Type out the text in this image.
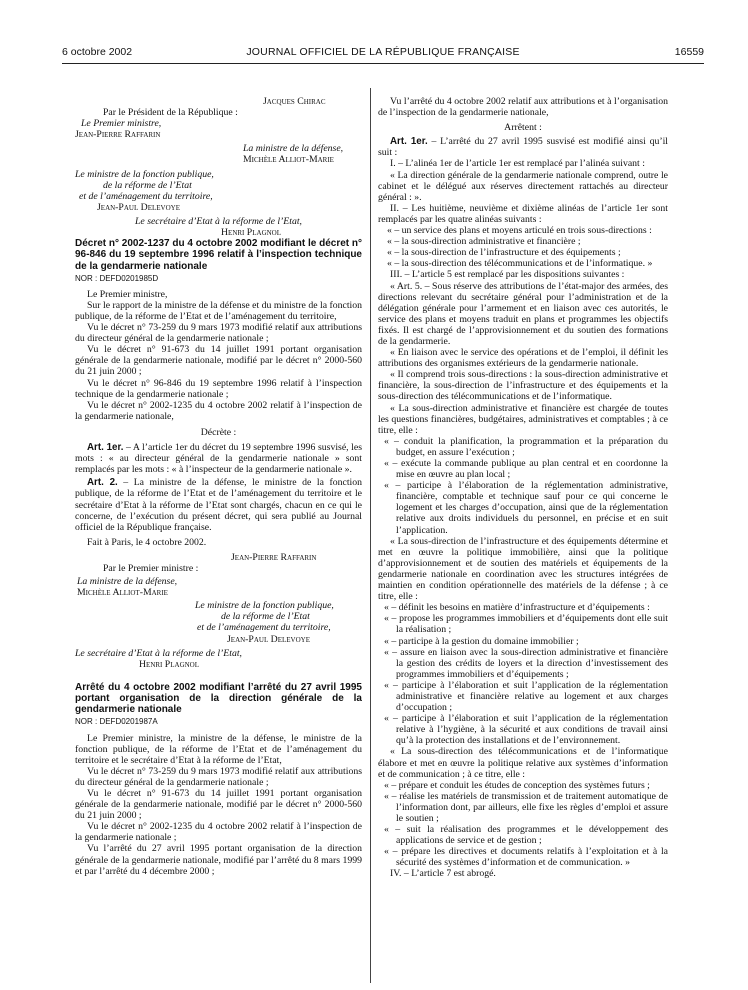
6 octobre 2002	JOURNAL OFFICIEL DE LA RÉPUBLIQUE FRANÇAISE	16559

Jacques Chirac

Par le Président de la République :

Le Premier ministre,

Jean-Pierre Raffarin

La ministre de la défense,

Michèle Alliot-Marie

Le ministre de la fonction publique,

de la réforme de l’Etat

et de l’aménagement du territoire,

Jean-Paul Delevoye

Le secrétaire d’Etat à la réforme de l’Etat,

Henri Plagnol

Décret n° 2002-1237 du 4 octobre 2002 modifiant le décret n° 96-846 du 19 septembre 1996 relatif à l’inspection technique de la gendarmerie nationale

NOR : DEFD0201985D

Le Premier ministre,

Sur le rapport de la ministre de la défense et du ministre de la fonction publique, de la réforme de l’Etat et de l’aménagement du territoire,

Vu le décret n° 73-259 du 9 mars 1973 modifié relatif aux attributions du directeur général de la gendarmerie nationale ;

Vu le décret n° 91-673 du 14 juillet 1991 portant organisation générale de la gendarmerie nationale, modifié par le décret n° 2000-560 du 21 juin 2000 ;

Vu le décret n° 96-846 du 19 septembre 1996 relatif à l’inspection technique de la gendarmerie nationale ;

Vu le décret n° 2002-1235 du 4 octobre 2002 relatif à l’inspection de la gendarmerie nationale,

Décrète :

Art. 1er. – A l’article 1er du décret du 19 septembre 1996 susvisé, les mots : « au directeur général de la gendarmerie nationale » sont remplacés par les mots : « à l’inspecteur de la gendarmerie nationale ».

Art. 2. – La ministre de la défense, le ministre de la fonction publique, de la réforme de l’Etat et de l’aménagement du territoire et le secrétaire d’Etat à la réforme de l’Etat sont chargés, chacun en ce qui le concerne, de l’exécution du présent décret, qui sera publié au Journal officiel de la République française.

Fait à Paris, le 4 octobre 2002.

Jean-Pierre Raffarin

Par le Premier ministre :

La ministre de la défense,

Michèle Alliot-Marie

Le ministre de la fonction publique,

de la réforme de l’Etat

et de l’aménagement du territoire,

Jean-Paul Delevoye

Le secrétaire d’Etat à la réforme de l’Etat,

Henri Plagnol

Arrêté du 4 octobre 2002 modifiant l’arrêté du 27 avril 1995 portant organisation de la direction générale de la gendarmerie nationale

NOR : DEFD0201987A

Le Premier ministre, la ministre de la défense, le ministre de la fonction publique, de la réforme de l’Etat et de l’aménagement du territoire et le secrétaire d’Etat à la réforme de l’Etat,

Vu le décret n° 73-259 du 9 mars 1973 modifié relatif aux attributions du directeur général de la gendarmerie nationale ;

Vu le décret n° 91-673 du 14 juillet 1991 portant organisation générale de la gendarmerie nationale, modifié par le décret n° 2000-560 du 21 juin 2000 ;

Vu le décret n° 2002-1235 du 4 octobre 2002 relatif à l’inspection de la gendarmerie nationale ;

Vu l’arrêté du 27 avril 1995 portant organisation de la direction générale de la gendarmerie nationale, modifié par l’arrêté du 8 mars 1999 et par l’arrêté du 4 décembre 2000 ;

Vu l’arrêté du 4 octobre 2002 relatif aux attributions et à l’organisation de l’inspection de la gendarmerie nationale,

Arrêtent :

Art. 1er. – L’arrêté du 27 avril 1995 susvisé est modifié ainsi qu’il suit :

I. – L’alinéa 1er de l’article 1er est remplacé par l’alinéa suivant :

« La direction générale de la gendarmerie nationale comprend, outre le cabinet et le délégué aux réserves directement rattachés au directeur général : ».

II. – Les huitième, neuvième et dixième alinéas de l’article 1er sont remplacés par les quatre alinéas suivants :

« – un service des plans et moyens articulé en trois sous-directions :

« – la sous-direction administrative et financière ;

« – la sous-direction de l’infrastructure et des équipements ;

« – la sous-direction des télécommunications et de l’informatique. »

III. – L’article 5 est remplacé par les dispositions suivantes :

« Art. 5. – Sous réserve des attributions de l’état-major des armées, des directions relevant du secrétaire général pour l’administration et de la délégation générale pour l’armement et en liaison avec ces autorités, le service des plans et moyens traduit en plans et programmes les objectifs fixés. Il est chargé de l’approvisionnement et du soutien des formations de la gendarmerie.

« En liaison avec le service des opérations et de l’emploi, il définit les attributions des organismes extérieurs de la gendarmerie nationale.

« Il comprend trois sous-directions : la sous-direction administrative et financière, la sous-direction de l’infrastructure et des équipements et la sous-direction des télécommunications et de l’informatique.

« La sous-direction administrative et financière est chargée de toutes les questions financières, budgétaires, administratives et comptables ; à ce titre, elle :

« – conduit la planification, la programmation et la préparation du budget, en assure l’exécution ;

« – exécute la commande publique au plan central et en coordonne la mise en œuvre au plan local ;

« – participe à l’élaboration de la réglementation administrative, financière, comptable et technique sauf pour ce qui concerne le logement et les charges d’occupation, ainsi que de la réglementation relative aux droits individuels du personnel, en précise et en suit l’application.

« La sous-direction de l’infrastructure et des équipements détermine et met en œuvre la politique immobilière, ainsi que la politique d’approvisionnement et de soutien des matériels et équipements de la gendarmerie nationale en coordination avec les structures intégrées de maintien en condition opérationnelle des matériels de la défense ; à ce titre, elle :

« – définit les besoins en matière d’infrastructure et d’équipements :

« – propose les programmes immobiliers et d’équipements dont elle suit la réalisation ;

« – participe à la gestion du domaine immobilier ;

« – assure en liaison avec la sous-direction administrative et financière la gestion des crédits de loyers et la direction d’investissement des programmes immobiliers et d’équipements ;

« – participe à l’élaboration et suit l’application de la réglementation administrative et financière relative au logement et aux charges d’occupation ;

« – participe à l’élaboration et suit l’application de la réglementation relative à l’hygiène, à la sécurité et aux conditions de travail ainsi qu’à la protection des installations et de l’environnement.

« La sous-direction des télécommunications et de l’informatique élabore et met en œuvre la politique relative aux systèmes d’information et de communication ; à ce titre, elle :

« – prépare et conduit les études de conception des systèmes futurs ;

« – réalise les matériels de transmission et de traitement automatique de l’information dont, par ailleurs, elle fixe les règles d’emploi et assure le soutien ;

« – suit la réalisation des programmes et le développement des applications de service et de gestion ;

« – prépare les directives et documents relatifs à l’exploitation et à la sécurité des systèmes d’information et de communication. »

IV. – L’article 7 est abrogé.
